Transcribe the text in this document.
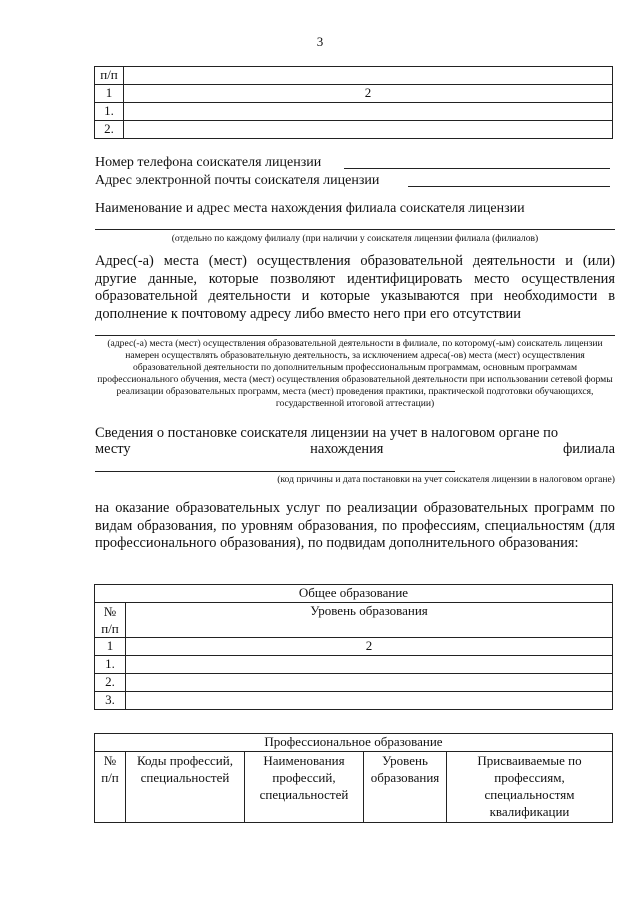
3
п/п	
1	2
1.	
2.	
Номер телефона соискателя лицензии
Адрес электронной почты соискателя лицензии
Наименование и адрес места нахождения филиала соискателя лицензии
(отдельно по каждому филиалу (при наличии у соискателя лицензии филиала (филиалов)
Адрес(-а) места (мест) осуществления образовательной деятельности и (или) другие данные, которые позволяют идентифицировать место осуществления образовательной деятельности и которые указываются при необходимости в дополнение к почтовому адресу либо вместо него при его отсутствии
(адрес(-а) места (мест) осуществления образовательной деятельности в филиале, по которому(-ым) соискатель лицензии намерен осуществлять образовательную деятельность, за исключением адреса(-ов) места (мест) осуществления образовательной деятельности по дополнительным профессиональным программам, основным программам профессионального обучения, места (мест) осуществления образовательной деятельности при использовании сетевой формы реализации образовательных программ, места (мест) проведения практики, практической подготовки обучающихся, государственной итоговой аттестации)
Сведения о постановке соискателя лицензии на учет в налоговом органе по
месту	нахождения	филиала
(код причины и дата постановки на учет соискателя лицензии в налоговом органе)
на оказание образовательных услуг по реализации образовательных программ по видам образования, по уровням образования, по профессиям, специальностям (для профессионального образования), по подвидам дополнительного образования:
Общее образование	
№ п/п	Уровень образования
1	2
1.	
2.	
3.	
Профессиональное образование
№ п/п	Коды профессий, специальностей	Наименования профессий, специальностей	Уровень образования	Присваиваемые по профессиям, специальностям квалификации
